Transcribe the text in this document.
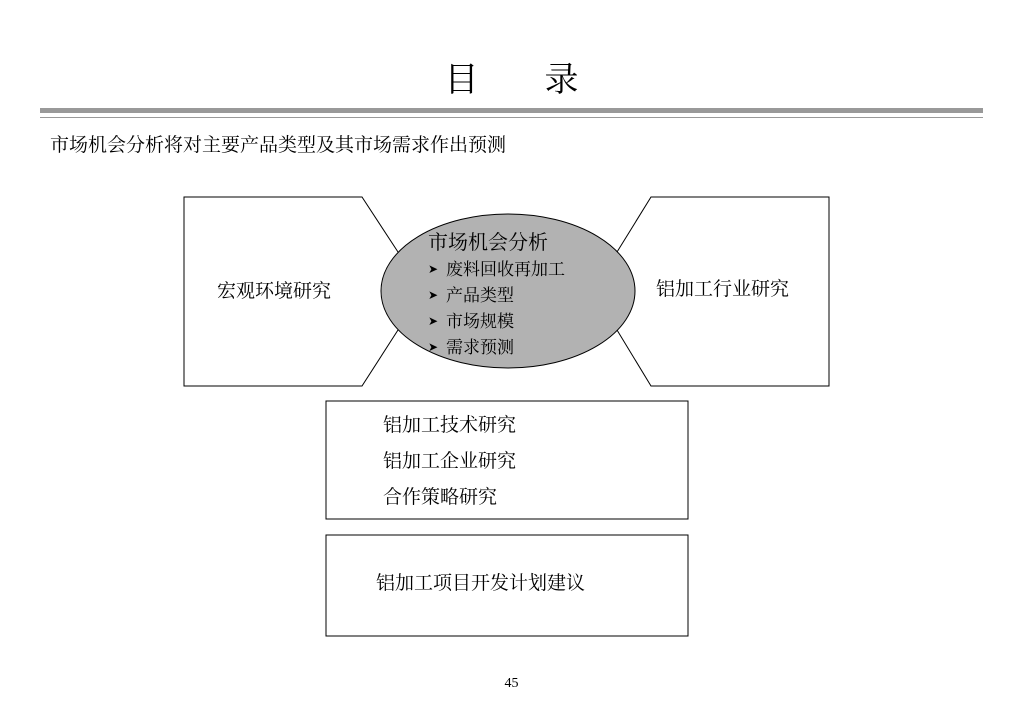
目 录
市场机会分析将对主要产品类型及其市场需求作出预测
宏观环境研究	铝加工行业研究
市场机会分析
➤ 废料回收再加工
➤ 产品类型
➤ 市场规模
➤ 需求预测
铝加工技术研究
铝加工企业研究
合作策略研究
铝加工项目开发计划建议
45
